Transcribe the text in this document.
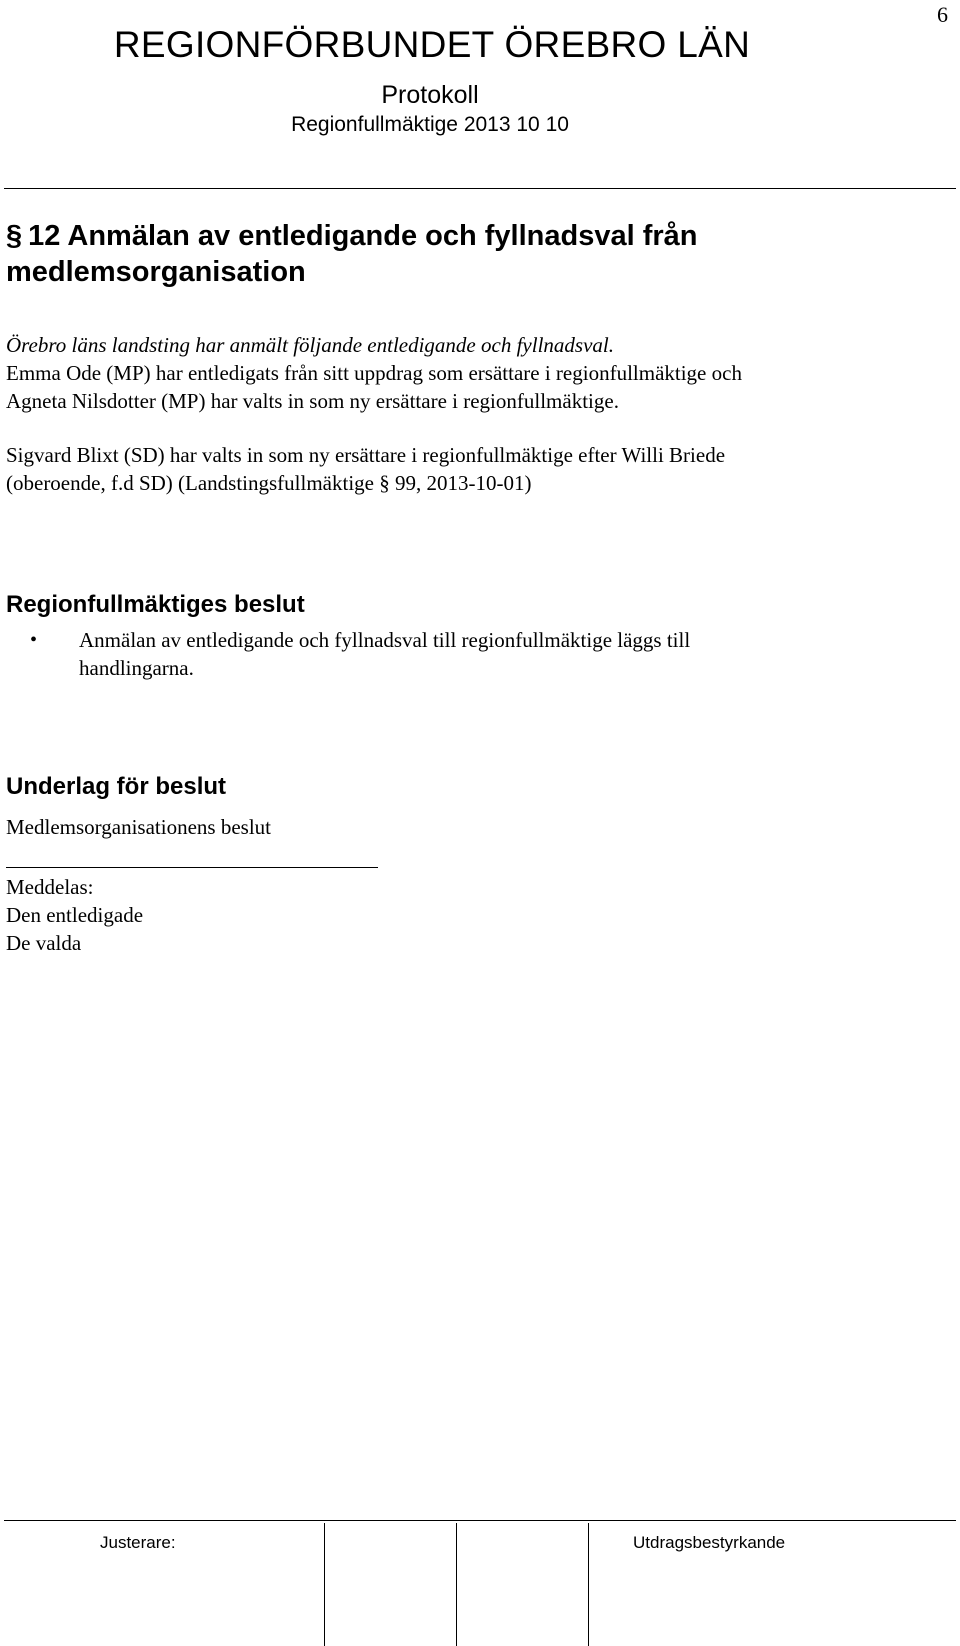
6
REGIONFÖRBUNDET ÖREBRO LÄN
Protokoll
Regionfullmäktige 2013 10 10
§ 12 Anmälan av entledigande och fyllnadsval från
medlemsorganisation
Örebro läns landsting har anmält följande entledigande och fyllnadsval.
Emma Ode (MP) har entledigats från sitt uppdrag som ersättare i regionfullmäktige och
Agneta Nilsdotter (MP) har valts in som ny ersättare i regionfullmäktige.
Sigvard Blixt (SD) har valts in som ny ersättare i regionfullmäktige efter Willi Briede
(oberoende, f.d SD) (Landstingsfullmäktige § 99, 2013-10-01)
Regionfullmäktiges beslut
• Anmälan av entledigande och fyllnadsval till regionfullmäktige läggs till
handlingarna.
Underlag för beslut
Medlemsorganisationens beslut
Meddelas:
Den entledigade
De valda
Justerare:	Utdragsbestyrkande
